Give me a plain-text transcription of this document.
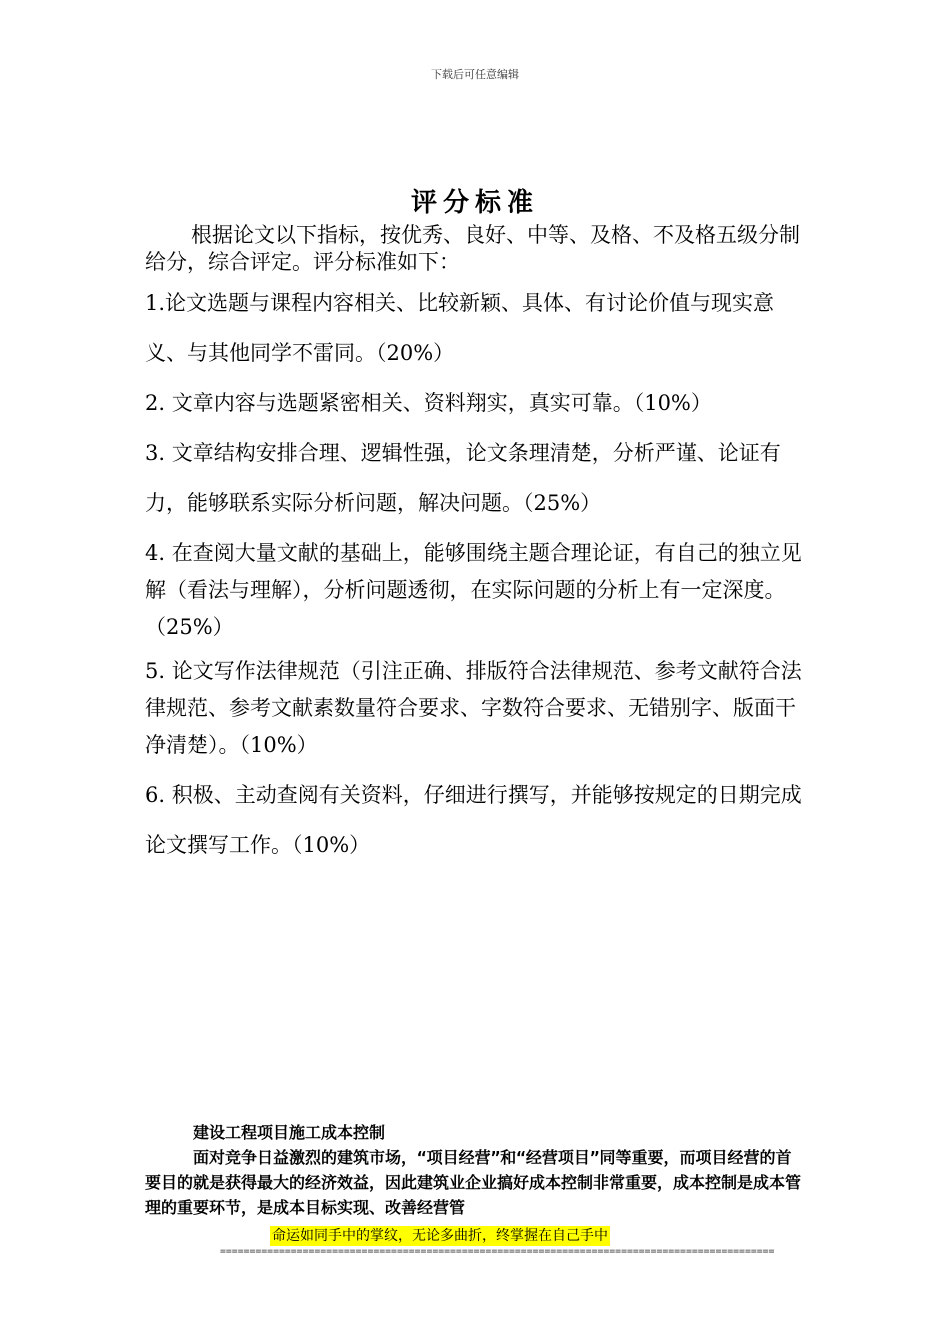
下载后可任意编辑
评分标准

根据论文以下指标，按优秀、良好、中等、及格、不及格五级分制给分，综合评定。评分标准如下：

1.论文选题与课程内容相关、比较新颖、具体、有讨论价值与现实意义、与其他同学不雷同。（20%）

2. 文章内容与选题紧密相关、资料翔实，真实可靠。（10%）

3. 文章结构安排合理、逻辑性强，论文条理清楚，分析严谨、论证有力，能够联系实际分析问题，解决问题。（25%）

4. 在查阅大量文献的基础上，能够围绕主题合理论证，有自己的独立见解（看法与理解），分析问题透彻，在实际问题的分析上有一定深度。（25%）

5. 论文写作法律规范（引注正确、排版符合法律规范、参考文献符合法律规范、参考文献素数量符合要求、字数符合要求、无错别字、版面干净清楚）。（10%）

6. 积极、主动查阅有关资料，仔细进行撰写，并能够按规定的日期完成论文撰写工作。（10%）

建设工程项目施工成本控制

面对竞争日益激烈的建筑市场，“项目经营”和“经营项目”同等重要，而项目经营的首要目的就是获得最大的经济效益，因此建筑业企业搞好成本控制非常重要，成本控制是成本管理的重要环节，是成本目标实现、改善经营管

命运如同手中的掌纹，无论多曲折，终掌握在自己手中
==============================================================================================
